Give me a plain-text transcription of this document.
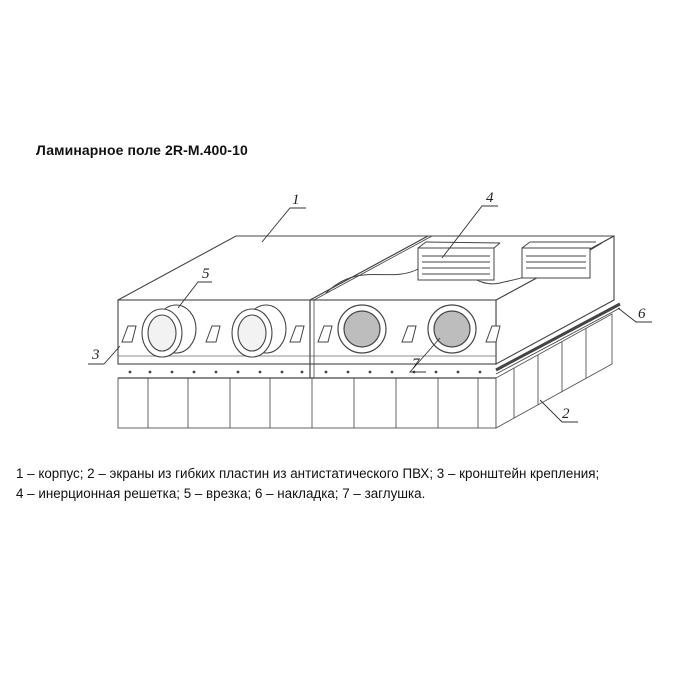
Ламинарное поле 2R-M.400-10
1
2
3
4
5
6
7
1 – корпус; 2 – экраны из гибких пластин из антистатического ПВХ; 3 – кронштейн крепления;
4 – инерционная решетка; 5 – врезка; 6 – накладка; 7 – заглушка.
